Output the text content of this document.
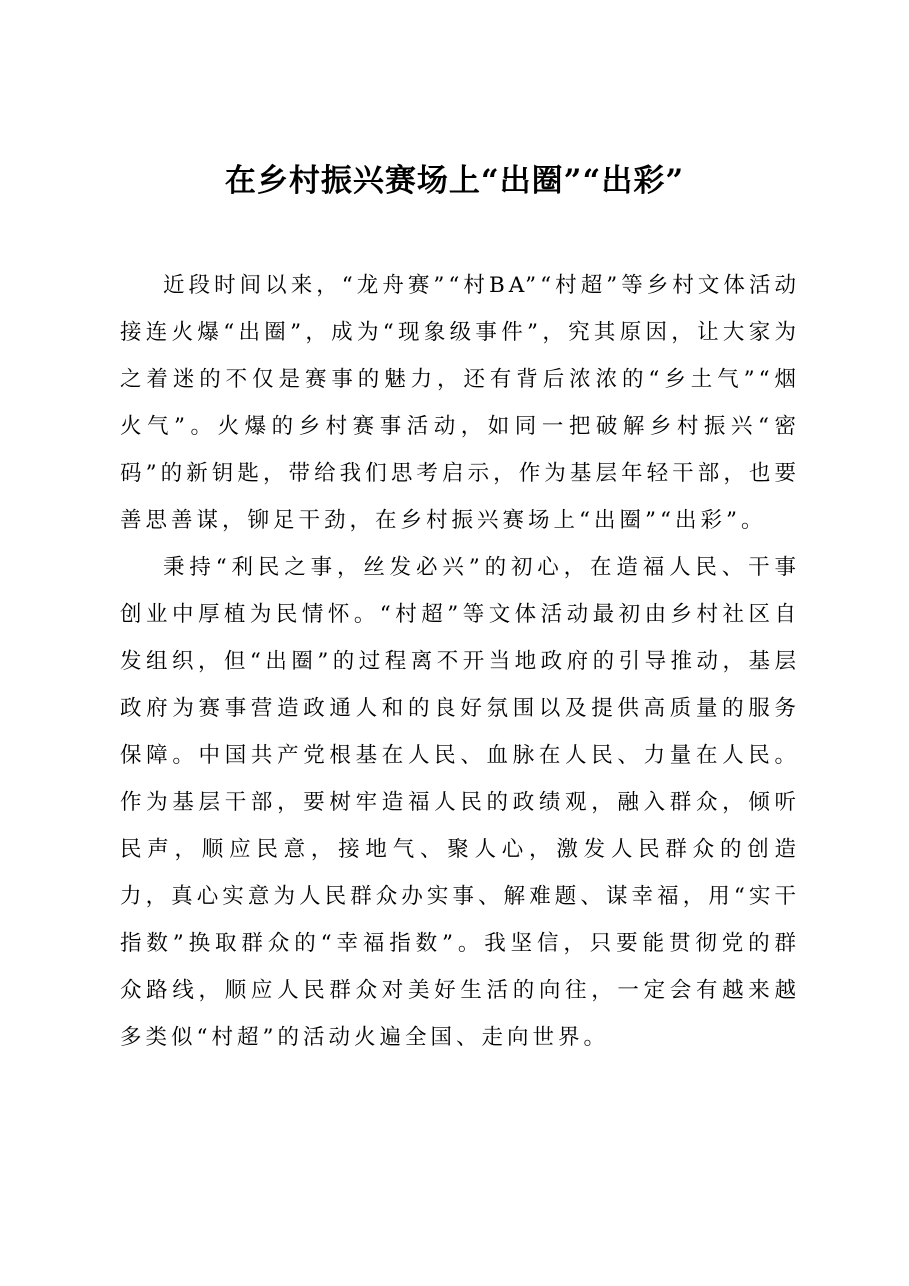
在乡村振兴赛场上“出圈”“出彩”

近段时间以来，“龙舟赛”“村BA”“村超”等乡村文体活动接连火爆“出圈”，成为“现象级事件”，究其原因，让大家为之着迷的不仅是赛事的魅力，还有背后浓浓的“乡土气”“烟火气”。火爆的乡村赛事活动，如同一把破解乡村振兴“密码”的新钥匙，带给我们思考启示，作为基层年轻干部，也要善思善谋，铆足干劲，在乡村振兴赛场上“出圈”“出彩”。

秉持“利民之事，丝发必兴”的初心，在造福人民、干事创业中厚植为民情怀。“村超”等文体活动最初由乡村社区自发组织，但“出圈”的过程离不开当地政府的引导推动，基层政府为赛事营造政通人和的良好氛围以及提供高质量的服务保障。中国共产党根基在人民、血脉在人民、力量在人民。作为基层干部，要树牢造福人民的政绩观，融入群众，倾听民声，顺应民意，接地气、聚人心，激发人民群众的创造力，真心实意为人民群众办实事、解难题、谋幸福，用“实干指数”换取群众的“幸福指数”。我坚信，只要能贯彻党的群众路线，顺应人民群众对美好生活的向往，一定会有越来越多类似“村超”的活动火遍全国、走向世界。
